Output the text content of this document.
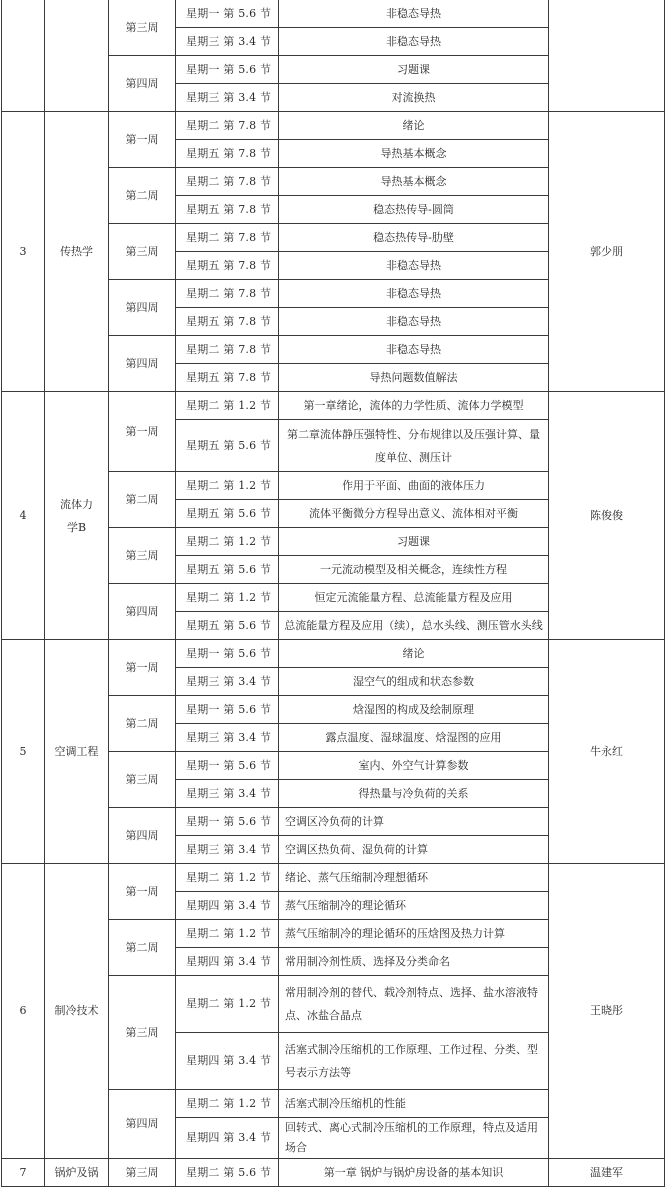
		第三周	星期一 第 5.6 节	非稳态导热	
			星期三 第 3.4 节	非稳态导热	
		第四周	星期一 第 5.6 节	习题课	
			星期三 第 3.4 节	对流换热	
3	传热学	第一周	星期二 第 7.8 节	绪论	郭少朋
			星期五 第 7.8 节	导热基本概念	
		第二周	星期二 第 7.8 节	导热基本概念	
			星期五 第 7.8 节	稳态热传导-圆筒	
		第三周	星期二 第 7.8 节	稳态热传导-肋壁	
			星期五 第 7.8 节	非稳态导热	
		第四周	星期二 第 7.8 节	非稳态导热	
			星期五 第 7.8 节	非稳态导热	
		第四周	星期二 第 7.8 节	非稳态导热	
			星期五 第 7.8 节	导热问题数值解法	
4	流体力学B	第一周	星期二 第 1.2 节	第一章绪论，流体的力学性质、流体力学模型	陈俊俊
			星期五 第 5.6 节	第二章流体静压强特性、分布规律以及压强计算、量度单位、测压计	
		第二周	星期二 第 1.2 节	作用于平面、曲面的液体压力	
			星期五 第 5.6 节	流体平衡微分方程导出意义、流体相对平衡	
		第三周	星期二 第 1.2 节	习题课	
			星期五 第 5.6 节	一元流动模型及相关概念，连续性方程	
		第四周	星期二 第 1.2 节	恒定元流能量方程、总流能量方程及应用	
			星期五 第 5.6 节	总流能量方程及应用（续），总水头线、测压管水头线	
5	空调工程	第一周	星期一 第 5.6 节	绪论	牛永红
			星期三 第 3.4 节	湿空气的组成和状态参数	
		第二周	星期一 第 5.6 节	焓湿图的构成及绘制原理	
			星期三 第 3.4 节	露点温度、湿球温度、焓湿图的应用	
		第三周	星期一 第 5.6 节	室内、外空气计算参数	
			星期三 第 3.4 节	得热量与冷负荷的关系	
		第四周	星期一 第 5.6 节	空调区冷负荷的计算	
			星期三 第 3.4 节	空调区热负荷、湿负荷的计算	
6	制冷技术	第一周	星期二 第 1.2 节	绪论、蒸气压缩制冷理想循环	王晓彤
			星期四 第 3.4 节	蒸气压缩制冷的理论循环	
		第二周	星期二 第 1.2 节	蒸气压缩制冷的理论循环的压焓图及热力计算	
			星期四 第 3.4 节	常用制冷剂性质、选择及分类命名	
		第三周	星期二 第 1.2 节	常用制冷剂的替代、载冷剂特点、选择、盐水溶液特点、冰盐合晶点	
			星期四 第 3.4 节	活塞式制冷压缩机的工作原理、工作过程、分类、型号表示方法等	
		第四周	星期二 第 1.2 节	活塞式制冷压缩机的性能	
			星期四 第 3.4 节	回转式、离心式制冷压缩机的工作原理，特点及适用场合	
7	锅炉及锅	第三周	星期二 第 5.6 节	第一章 锅炉与锅炉房设备的基本知识	温建军
